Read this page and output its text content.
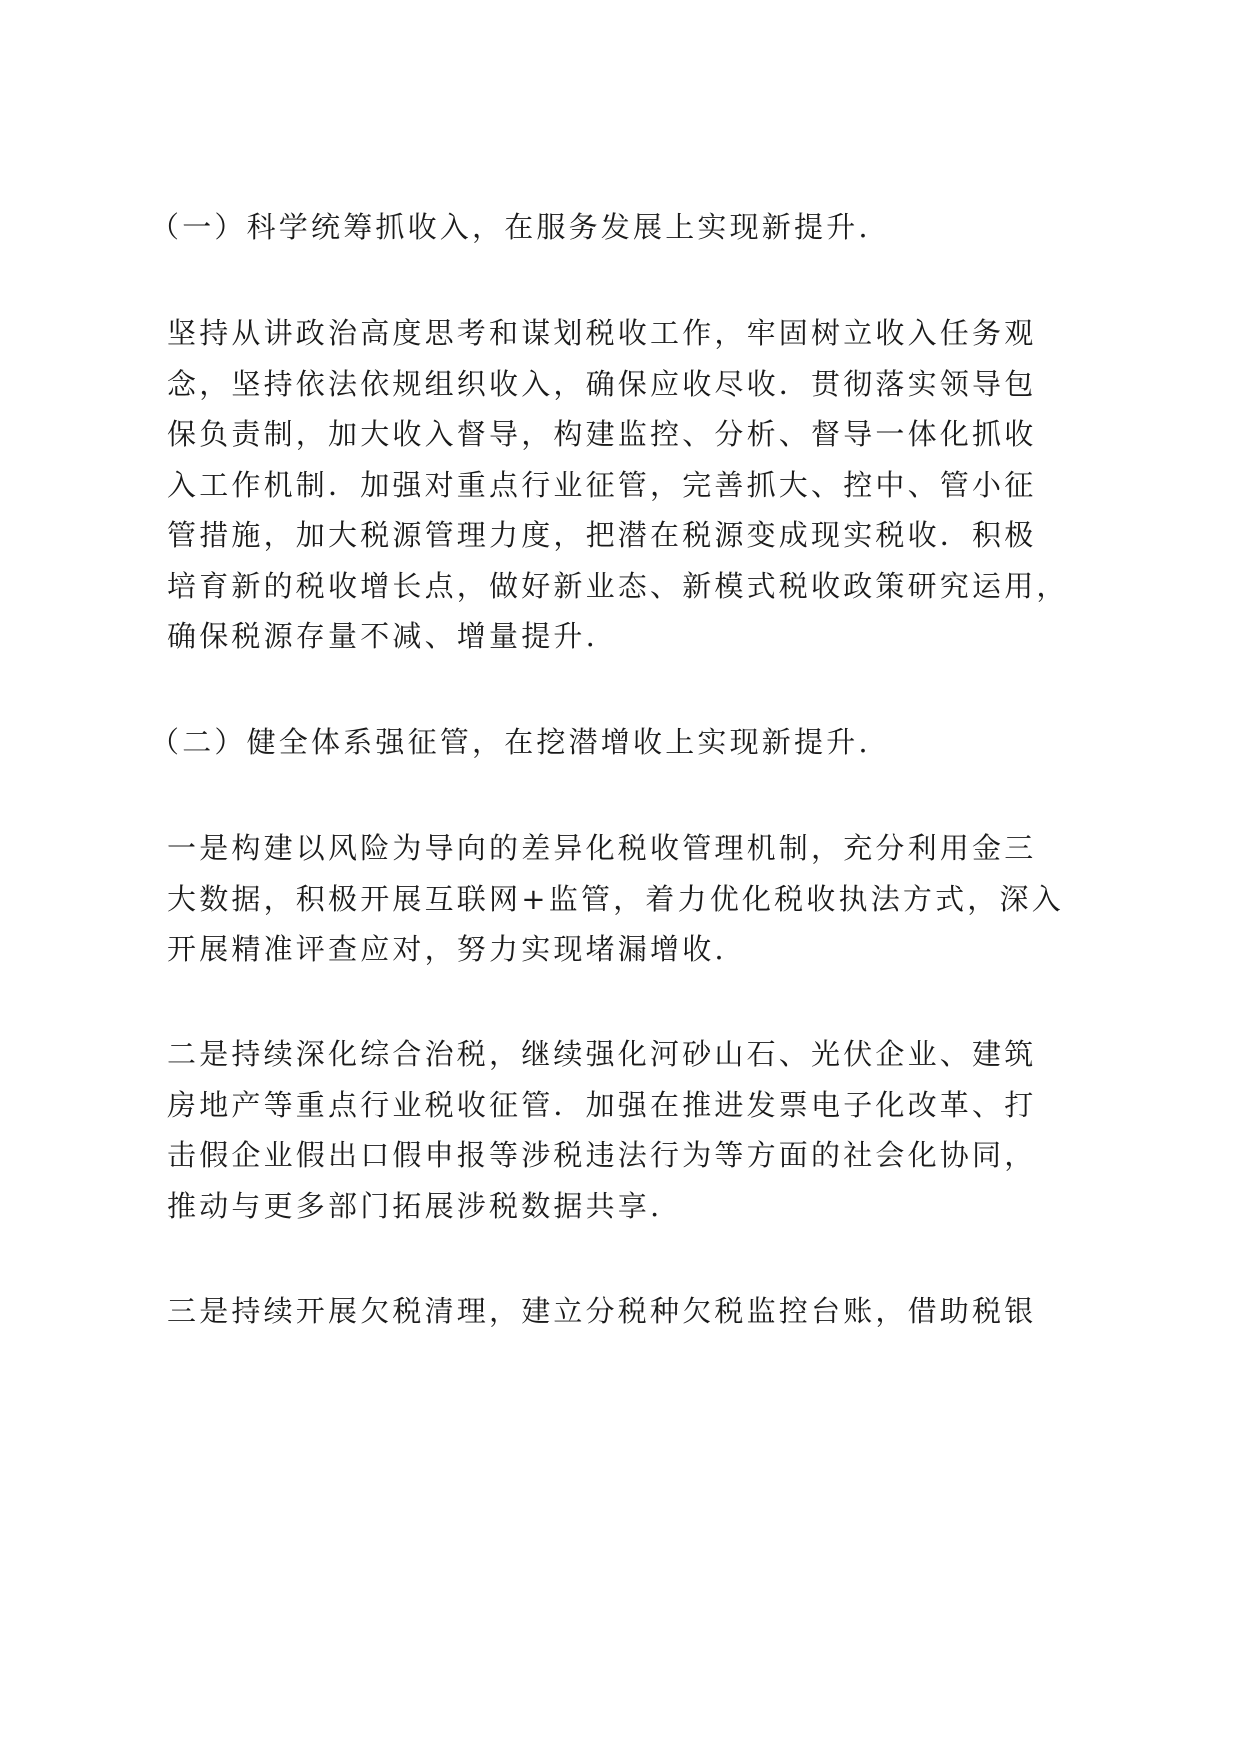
（一）科学统筹抓收入，在服务发展上实现新提升.
坚持从讲政治高度思考和谋划税收工作，牢固树立收入任务观
念，坚持依法依规组织收入，确保应收尽收．贯彻落实领导包
保负责制，加大收入督导，构建监控、分析、督导一体化抓收
入工作机制．加强对重点行业征管，完善抓大、控中、管小征
管措施，加大税源管理力度，把潜在税源变成现实税收．积极
培育新的税收增长点，做好新业态、新模式税收政策研究运用，
确保税源存量不减、增量提升.
（二）健全体系强征管，在挖潜增收上实现新提升.
一是构建以风险为导向的差异化税收管理机制，充分利用金三
大数据，积极开展互联网+监管，着力优化税收执法方式，深入
开展精准评查应对，努力实现堵漏增收.
二是持续深化综合治税，继续强化河砂山石、光伏企业、建筑
房地产等重点行业税收征管．加强在推进发票电子化改革、打
击假企业假出口假申报等涉税违法行为等方面的社会化协同，
推动与更多部门拓展涉税数据共享.
三是持续开展欠税清理，建立分税种欠税监控台账，借助税银
